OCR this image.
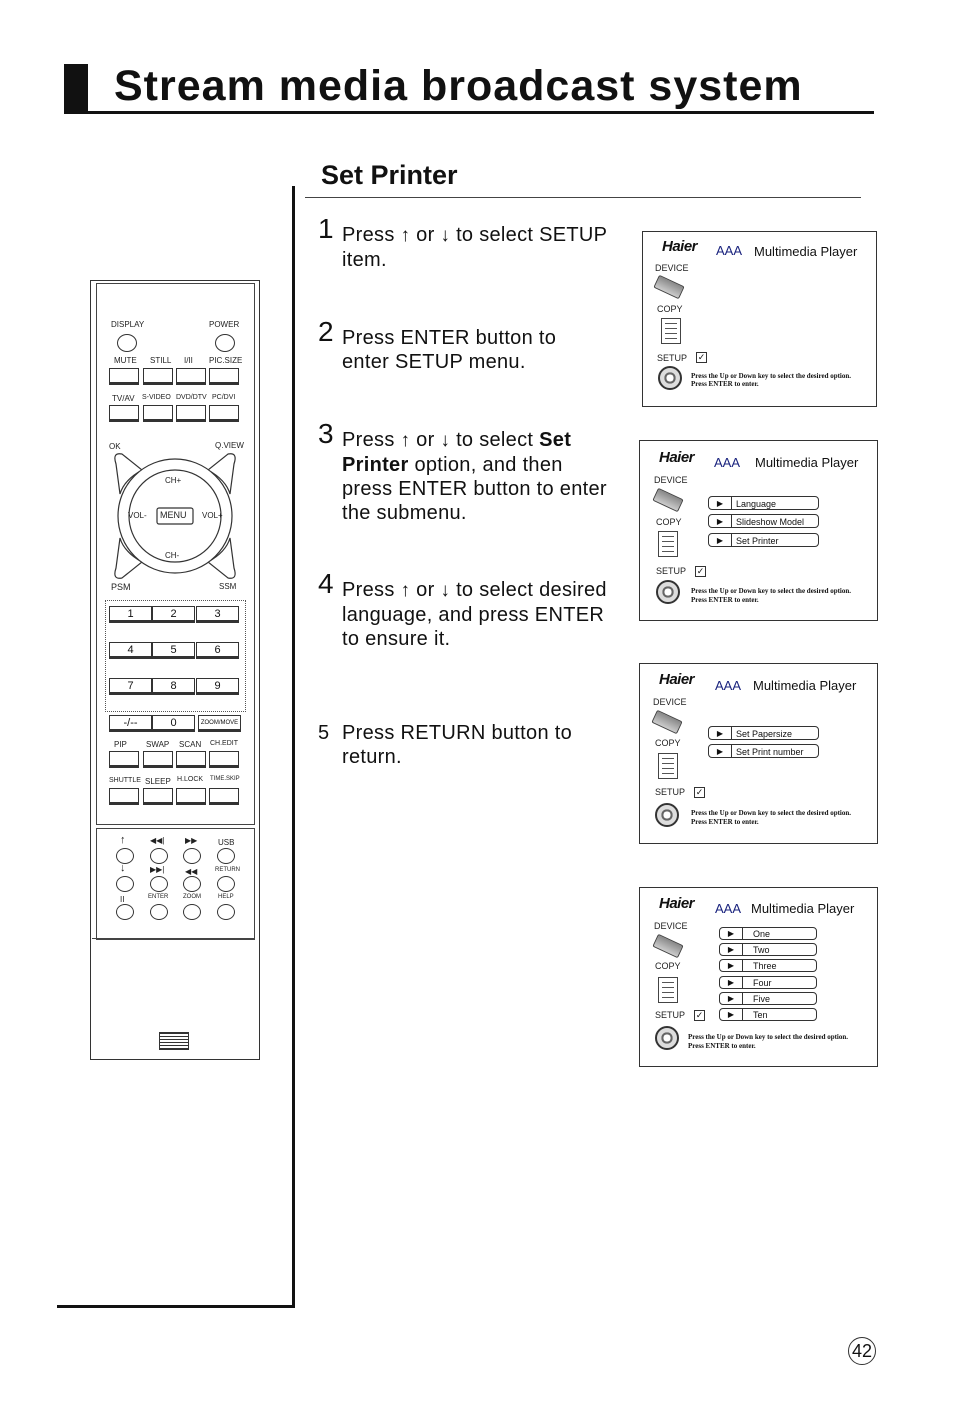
Stream media broadcast system
Set Printer
1 Press ↑ or ↓ to select SETUP item.
2 Press ENTER button to enter SETUP menu.
3 Press ↑ or ↓ to select Set Printer option, and then press ENTER button to enter the submenu.
4 Press ↑ or ↓ to select desired language, and press ENTER to ensure it.
5 Press RETURN button to return.
DISPLAY	POWER
MUTE STILL I/II PIC.SIZE
TV/AV S-VIDEO DVD/DTV PC/DVI
OK	Q.VIEW
CH+
VOL- MENU VOL+
CH-
PSM	SSM
1	2	3
4	5	6
7	8	9
-/--	0	ZOOM/MOVE
PIP SWAP SCAN CH.EDIT
SHUTTLE SLEEP H.LOCK TIME.SKIP
↑	◀◀|	▶▶	USB
↓	▶▶|	◀◀	RETURN
II	ENTER ZOOM	HELP
Haier AAA Multimedia Player
DEVICE
COPY
SETUP ✓
Press the Up or Down key to select the desired option.
Press ENTER to enter.
Haier AAA Multimedia Player
DEVICE
COPY
SETUP ✓
Press the Up or Down key to select the desired option.
Press ENTER to enter.
▶ Language
▶ Slideshow Model
▶ Set Printer
Haier AAA Multimedia Player
DEVICE
COPY
SETUP ✓
Press the Up or Down key to select the desired option.
Press ENTER to enter.
▶ Set Papersize
▶ Set Print number
Haier AAA Multimedia Player
DEVICE
COPY
SETUP ✓
Press the Up or Down key to select the desired option.
Press ENTER to enter.
▶ One
▶ Two
▶ Three
▶ Four
▶ Five
▶ Ten
42
